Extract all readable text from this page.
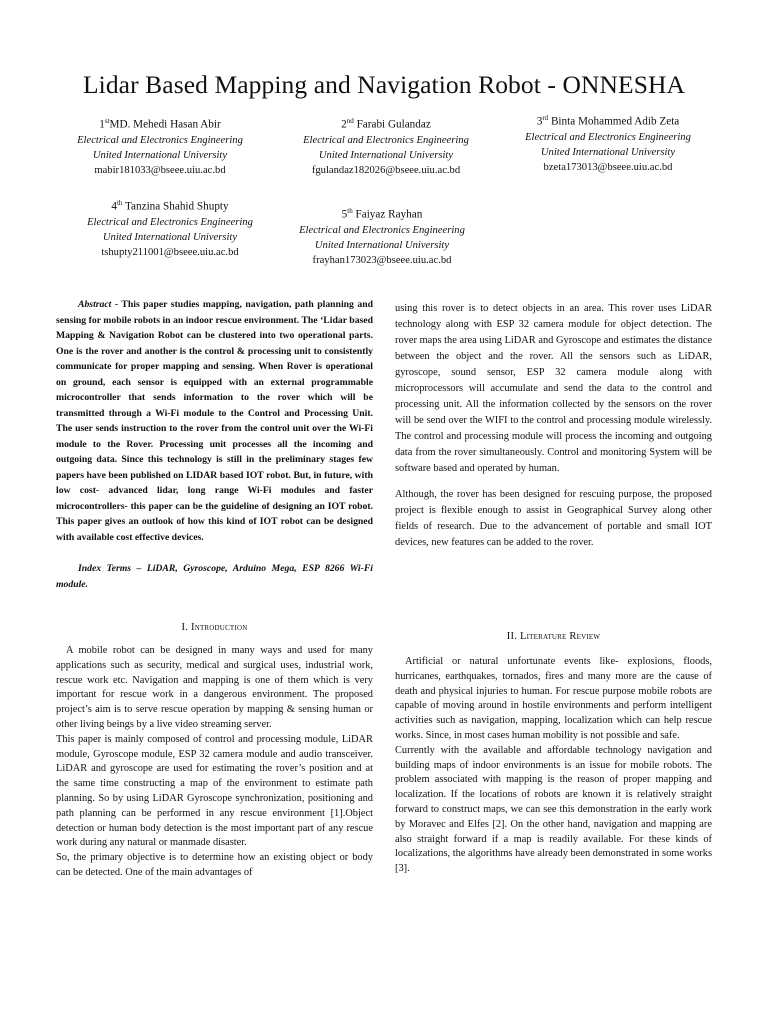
Lidar Based Mapping and Navigation Robot - ONNESHA
1stMD. Mehedi Hasan Abir
Electrical and Electronics Engineering
United International University
mabir181033@bseee.uiu.ac.bd
2nd Farabi Gulandaz
Electrical and Electronics Engineering
United International University
fgulandaz182026@bseee.uiu.ac.bd
3rd Binta Mohammed Adib Zeta
Electrical and Electronics Engineering
United International University
bzeta173013@bseee.uiu.ac.bd
4th Tanzina Shahid Shupty
Electrical and Electronics Engineering
United International University
tshupty211001@bseee.uiu.ac.bd
5th Faiyaz Rayhan
Electrical and Electronics Engineering
United International University
frayhan173023@bseee.uiu.ac.bd

Abstract - This paper studies mapping, navigation, path planning and sensing for mobile robots in an indoor rescue environment. The ‘Lidar based Mapping & Navigation Robot can be clustered into two operational parts. One is the rover and another is the control & processing unit to consistently communicate for proper mapping and sensing. When Rover is operational on ground, each sensor is equipped with an external programmable microcontroller that sends information to the rover which will be transmitted through a Wi-Fi module to the Control and Processing Unit. The user sends instruction to the rover from the control unit over the Wi-Fi module to the Rover. Processing unit processes all the incoming and outgoing data. Since this technology is still in the preliminary stages few papers have been published on LIDAR based IOT robot. But, in future, with low cost- advanced lidar, long range Wi-Fi modules and faster microcontrollers- this paper can be the guideline of designing an IOT robot. This paper gives an outlook of how this kind of IOT robot can be designed with available cost effective devices.

Index Terms – LiDAR, Gyroscope, Arduino Mega, ESP 8266 Wi-Fi module.

I. Introduction

A mobile robot can be designed in many ways and used for many applications such as security, medical and surgical uses, industrial work, rescue work etc. Navigation and mapping is one of them which is very important for rescue work in a dangerous environment. The proposed project’s aim is to serve rescue operation by mapping & sensing human or other living beings by a live video streaming server.

This paper is mainly composed of control and processing module, LiDAR module, Gyroscope module, ESP 32 camera module and audio transceiver. LiDAR and gyroscope are used for estimating the rover’s position and at the same time constructing a map of the environment to estimate path planning. So by using LiDAR Gyroscope synchronization, positioning and path planning can be performed in any rescue environment [1].Object detection or human body detection is the most important part of any rescue work during any natural or manmade disaster.

So, the primary objective is to determine how an existing object or body can be detected. One of the main advantages of

using this rover is to detect objects in an area. This rover uses LiDAR technology along with ESP 32 camera module for object detection. The rover maps the area using LiDAR and Gyroscope and estimates the distance between the object and the rover. All the sensors such as LiDAR, gyroscope, sound sensor, ESP 32 camera module along with microprocessors will accumulate and send the data to the control and processing unit. All the information collected by the sensors on the rover will be send over the WIFI to the control and processing module wirelessly. The control and processing module will process the incoming and outgoing data from the rover simultaneously. Control and monitoring System will be software based and operated by human.

Although, the rover has been designed for rescuing purpose, the proposed project is flexible enough to assist in Geographical Survey along other fields of research. Due to the advancement of portable and small IOT devices, new features can be added to the rover.

II. Literature Review

Artificial or natural unfortunate events like- explosions, floods, hurricanes, earthquakes, tornados, fires and many more are the cause of death and physical injuries to human. For rescue purpose mobile robots are capable of moving around in hostile environments and perform intelligent activities such as navigation, mapping, localization which can help rescue works. Since, in most cases human mobility is not possible and safe.

Currently with the available and affordable technology navigation and building maps of indoor environments is an issue for mobile robots. The problem associated with mapping is the reason of proper mapping and localization. If the locations of robots are known it is relatively straight forward to construct maps, we can see this demonstration in the early work by Moravec and Elfes [2]. On the other hand, navigation and mapping are also straight forward if a map is readily available. For these kinds of localizations, the algorithms have already been demonstrated in some works [3].
